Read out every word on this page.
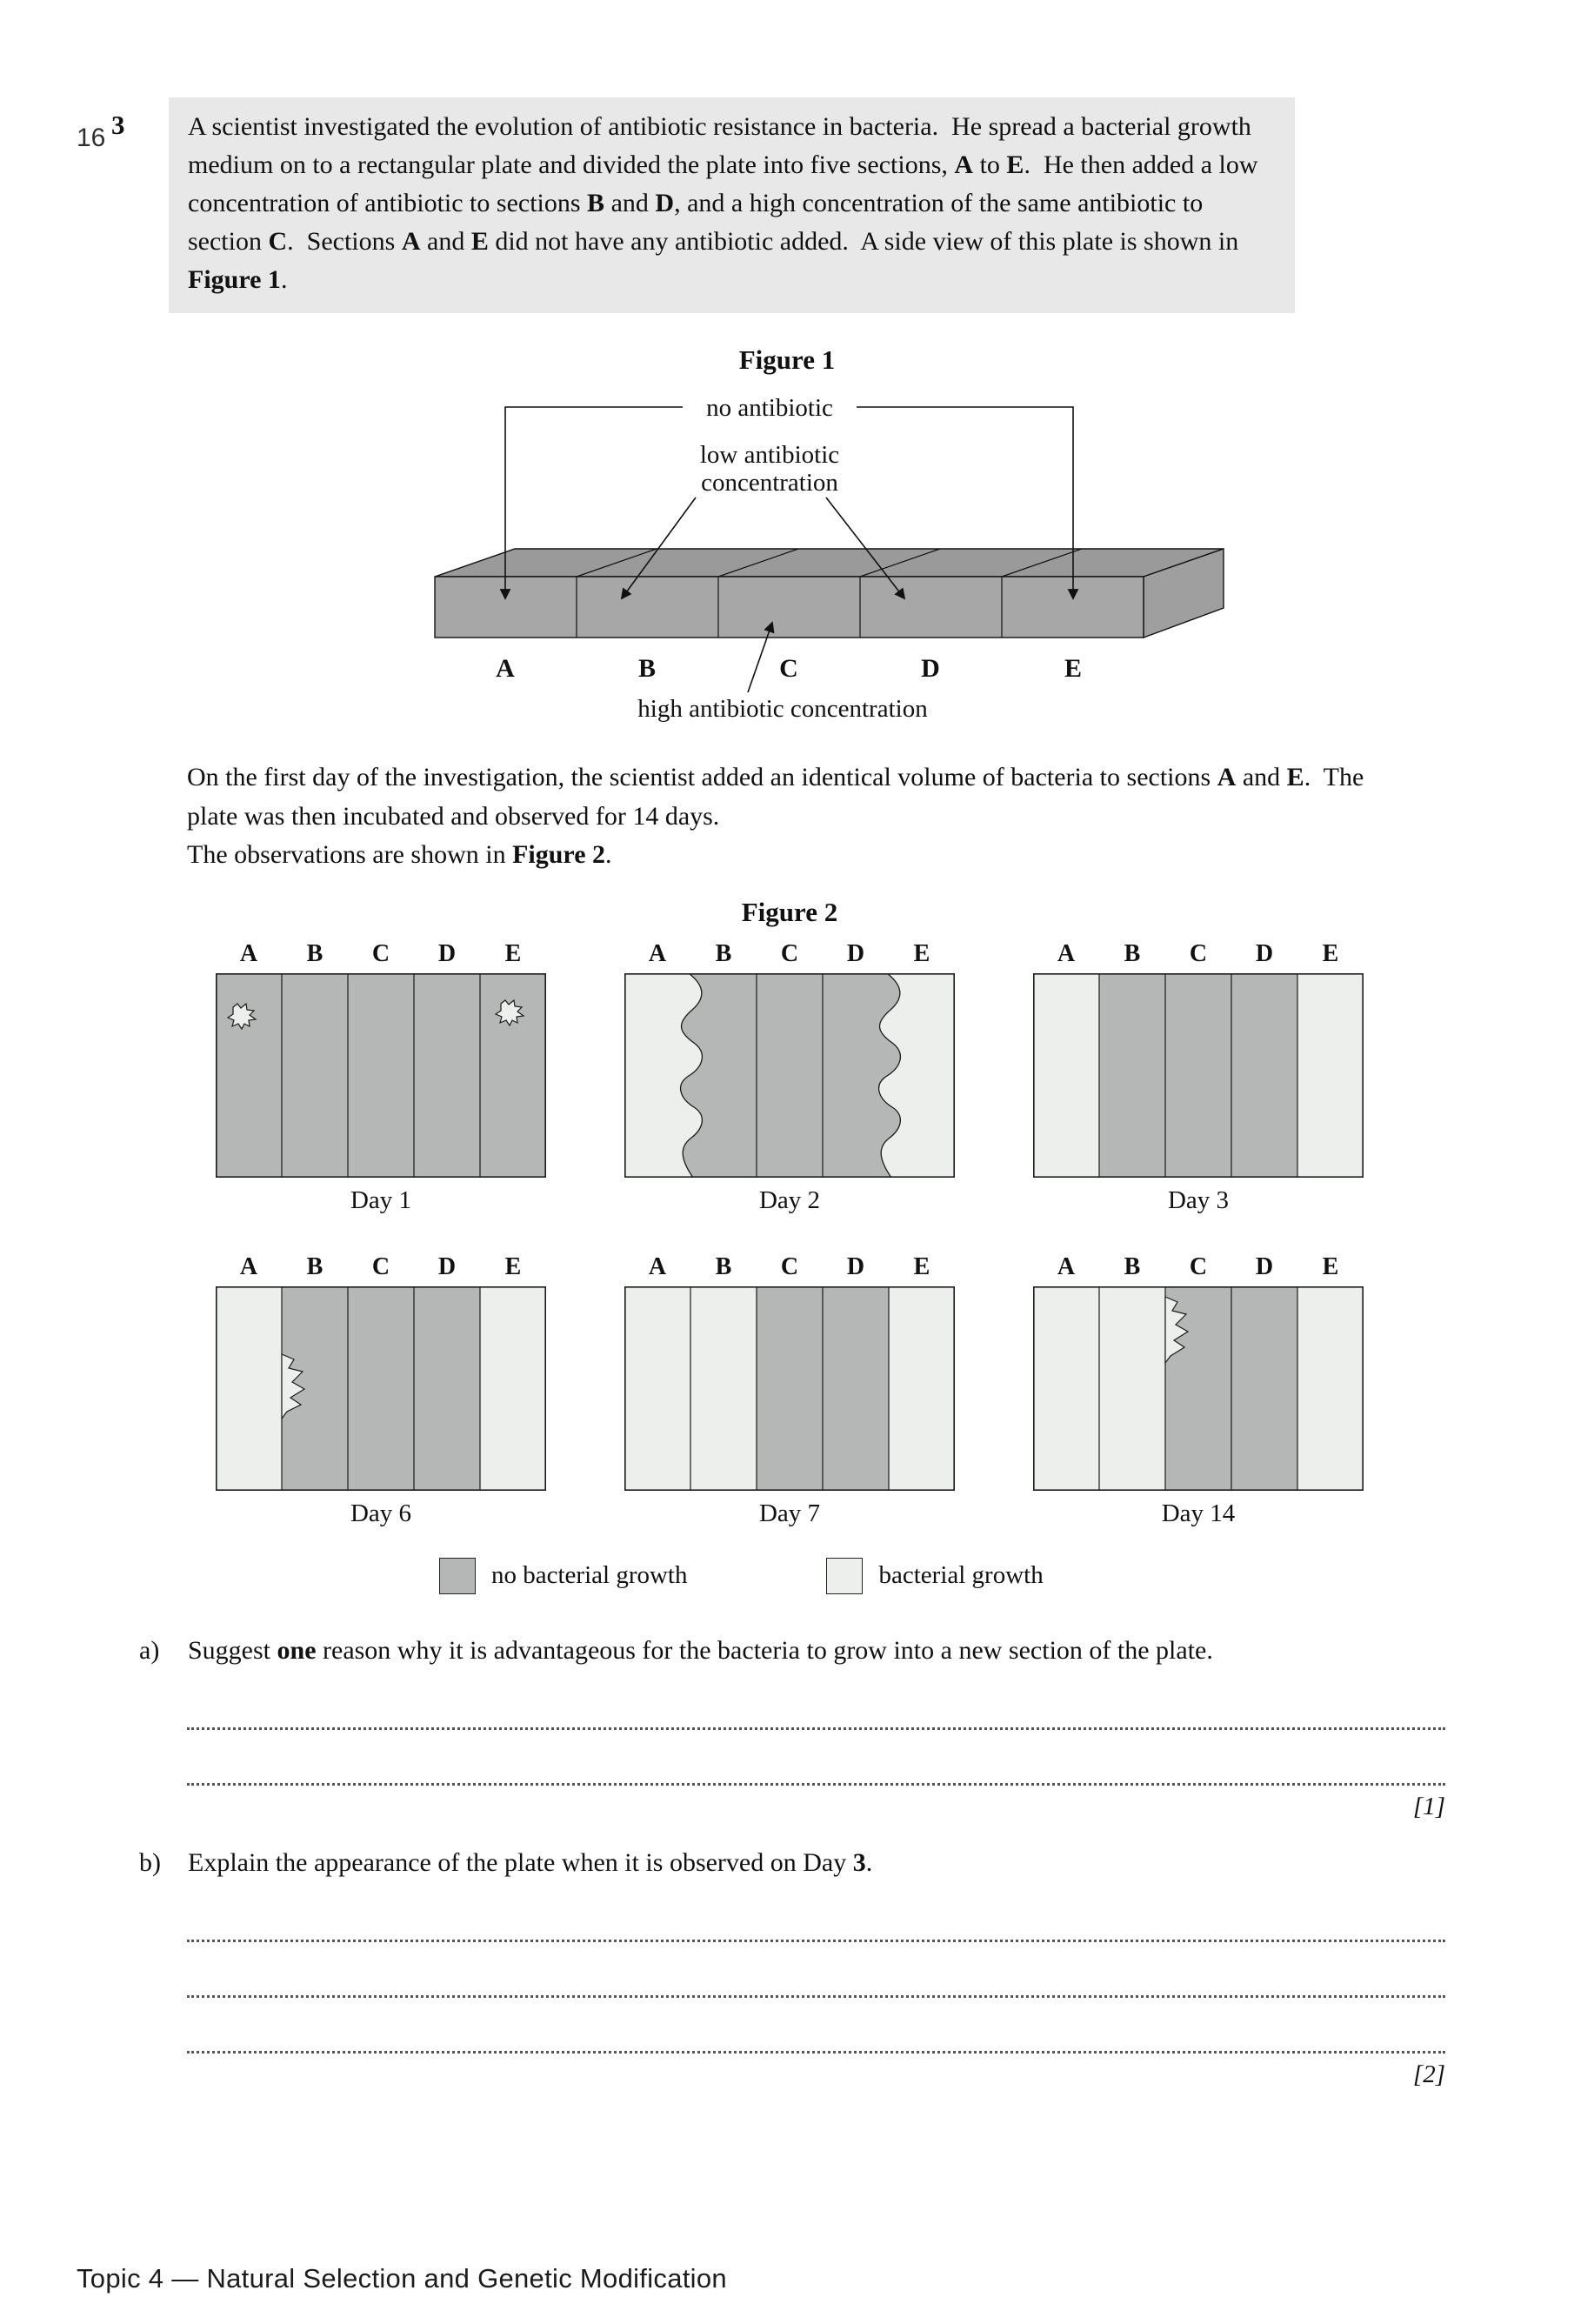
16 3	A scientist investigated the evolution of antibiotic resistance in bacteria.  He spread a bacterial growth medium on to a rectangular plate and divided the plate into five sections, A to E.  He then added a low concentration of antibiotic to sections B and D, and a high concentration of the same antibiotic to section C.  Sections A and E did not have any antibiotic added.  A side view of this plate is shown in Figure 1.
Figure 1
no antibiotic
low antibiotic
concentration
high antibiotic concentration
A	B	C	D	E

On the first day of the investigation, the scientist added an identical volume of bacteria to sections A and E.  The plate was then incubated and observed for 14 days.
The observations are shown in Figure 2.

Figure 2
A	B	C	D	E
Day 1
A	B	C	D	E
Day 2
A	B	C	D	E
Day 3
A	B	C	D	E
Day 6
A	B	C	D	E
Day 7
A	B	C	D	E
Day 14
no bacterial growth	bacterial growth
a)	Suggest one reason why it is advantageous for the bacteria to grow into a new section of the plate.
[1]
b)	Explain the appearance of the plate when it is observed on Day 3.
[2]
Topic 4 — Natural Selection and Genetic Modification
